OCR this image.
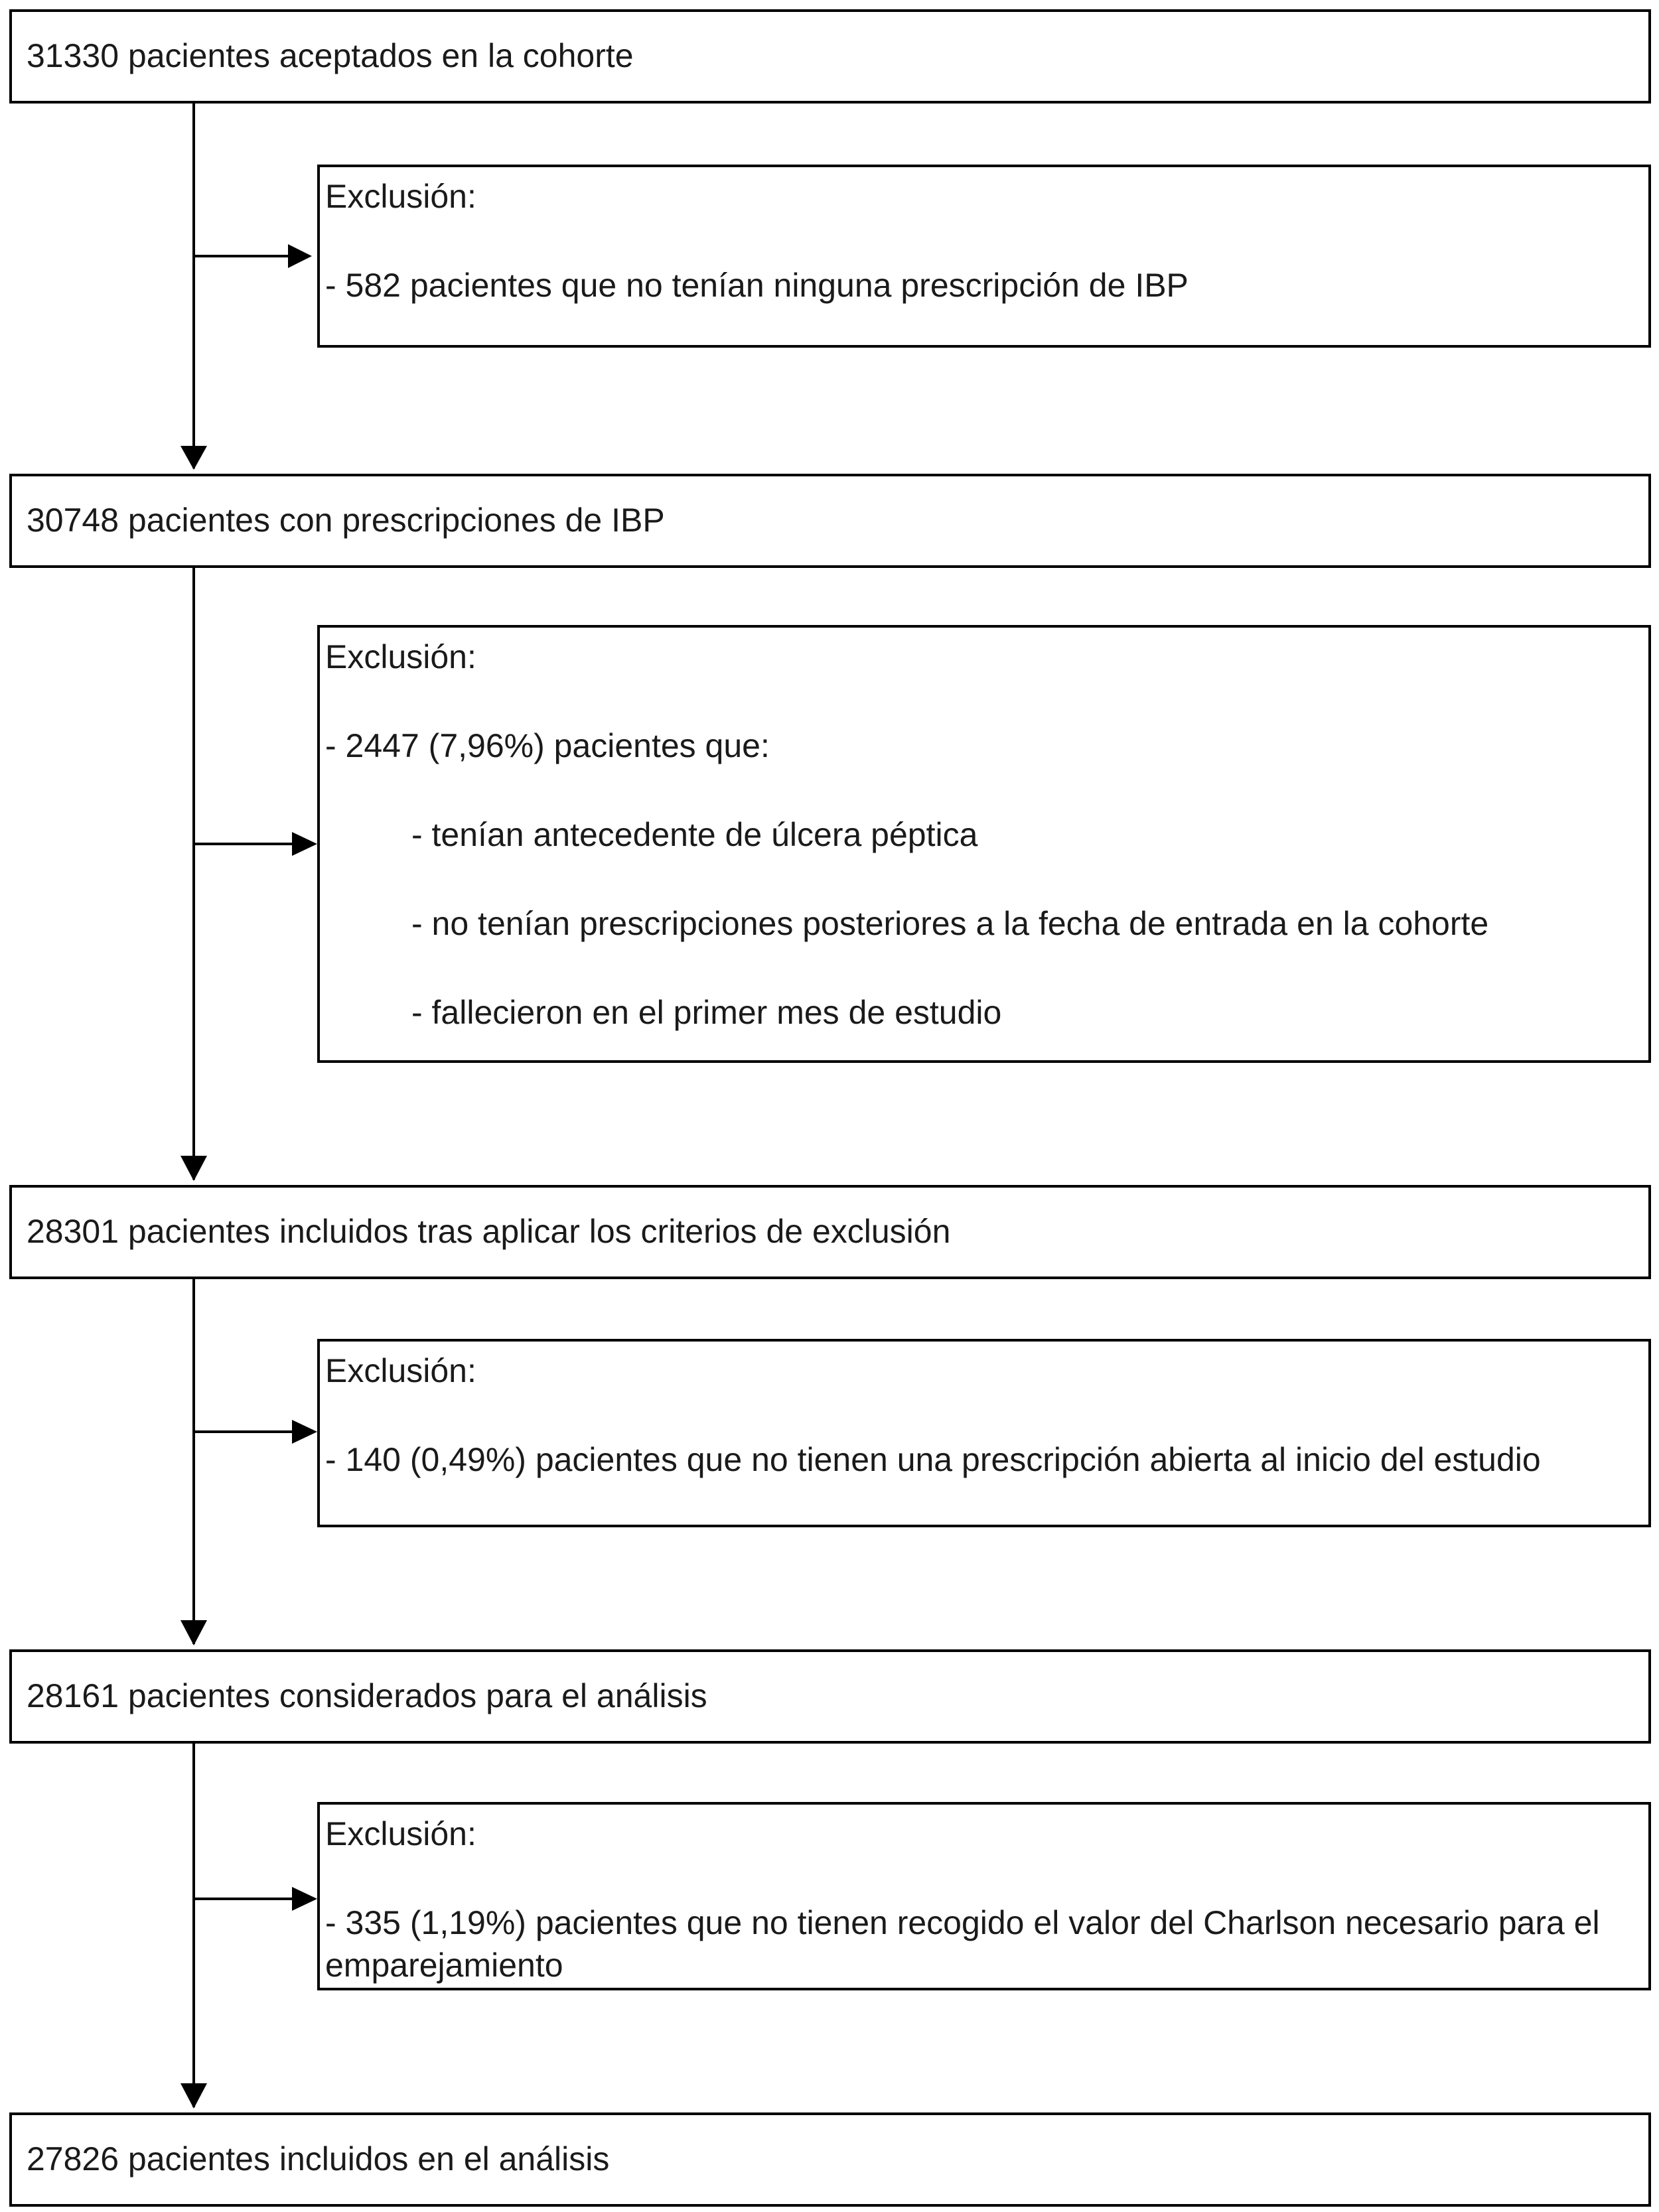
31330 pacientes aceptados en la cohorte
Exclusión:
- 582 pacientes que no tenían ninguna prescripción de IBP
30748 pacientes con prescripciones de IBP
Exclusión:
- 2447 (7,96%) pacientes que:
- tenían antecedente de úlcera péptica
- no tenían prescripciones posteriores a la fecha de entrada en la cohorte
- fallecieron en el primer mes de estudio
28301 pacientes incluidos tras aplicar los criterios de exclusión
Exclusión:
- 140 (0,49%) pacientes que no tienen una prescripción abierta al inicio del estudio
28161 pacientes considerados para el análisis
Exclusión:
- 335 (1,19%) pacientes que no tienen recogido el valor del Charlson necesario para el emparejamiento
27826 pacientes incluidos en el análisis
